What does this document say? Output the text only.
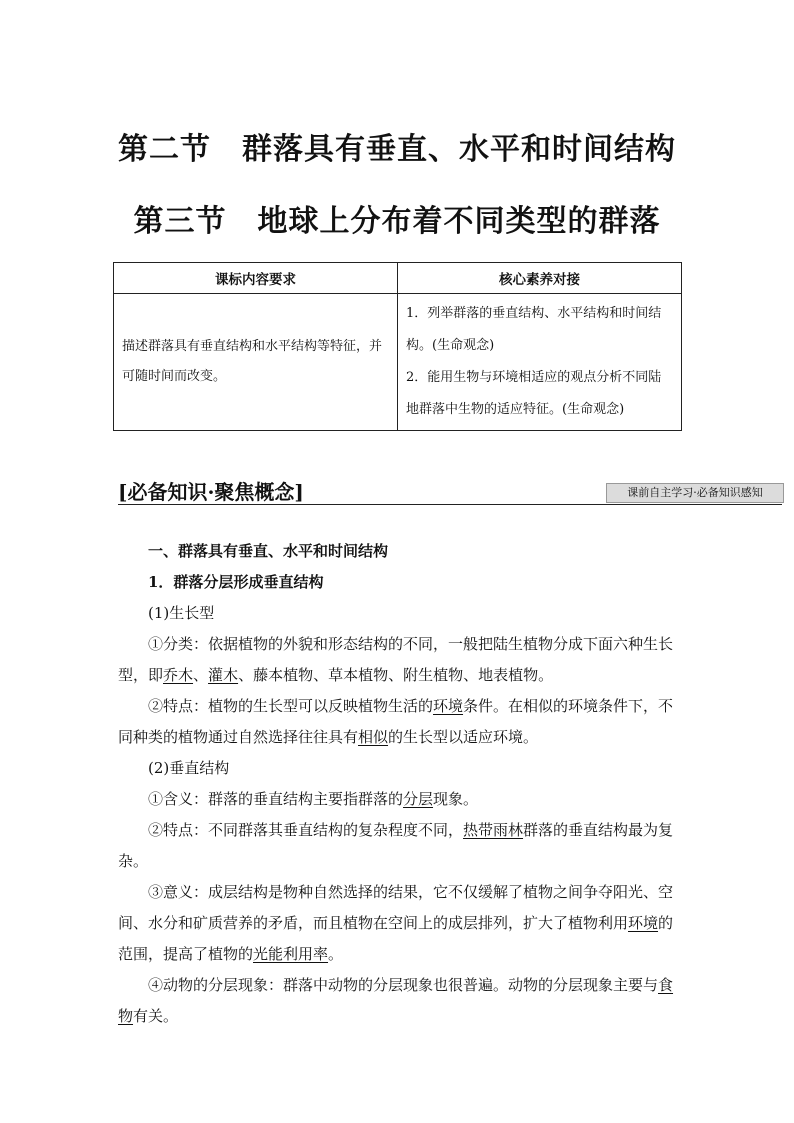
第二节　群落具有垂直、水平和时间结构
第三节　地球上分布着不同类型的群落
课标内容要求	核心素养对接
描述群落具有垂直结构和水平结构等特征，并可随时间而改变。	1．列举群落的垂直结构、水平结构和时间结构。(生命观念)
2．能用生物与环境相适应的观点分析不同陆地群落中生物的适应特征。(生命观念)
[必备知识·聚焦概念]	课前自主学习·必备知识感知

一、群落具有垂直、水平和时间结构

1．群落分层形成垂直结构

(1)生长型

①分类：依据植物的外貌和形态结构的不同，一般把陆生植物分成下面六种生长型，即乔木、灌木、藤本植物、草本植物、附生植物、地表植物。

②特点：植物的生长型可以反映植物生活的环境条件。在相似的环境条件下，不同种类的植物通过自然选择往往具有相似的生长型以适应环境。

(2)垂直结构

①含义：群落的垂直结构主要指群落的分层现象。

②特点：不同群落其垂直结构的复杂程度不同，热带雨林群落的垂直结构最为复杂。

③意义：成层结构是物种自然选择的结果，它不仅缓解了植物之间争夺阳光、空间、水分和矿质营养的矛盾，而且植物在空间上的成层排列，扩大了植物利用环境的范围，提高了植物的光能利用率。

④动物的分层现象：群落中动物的分层现象也很普遍。动物的分层现象主要与食物有关。
